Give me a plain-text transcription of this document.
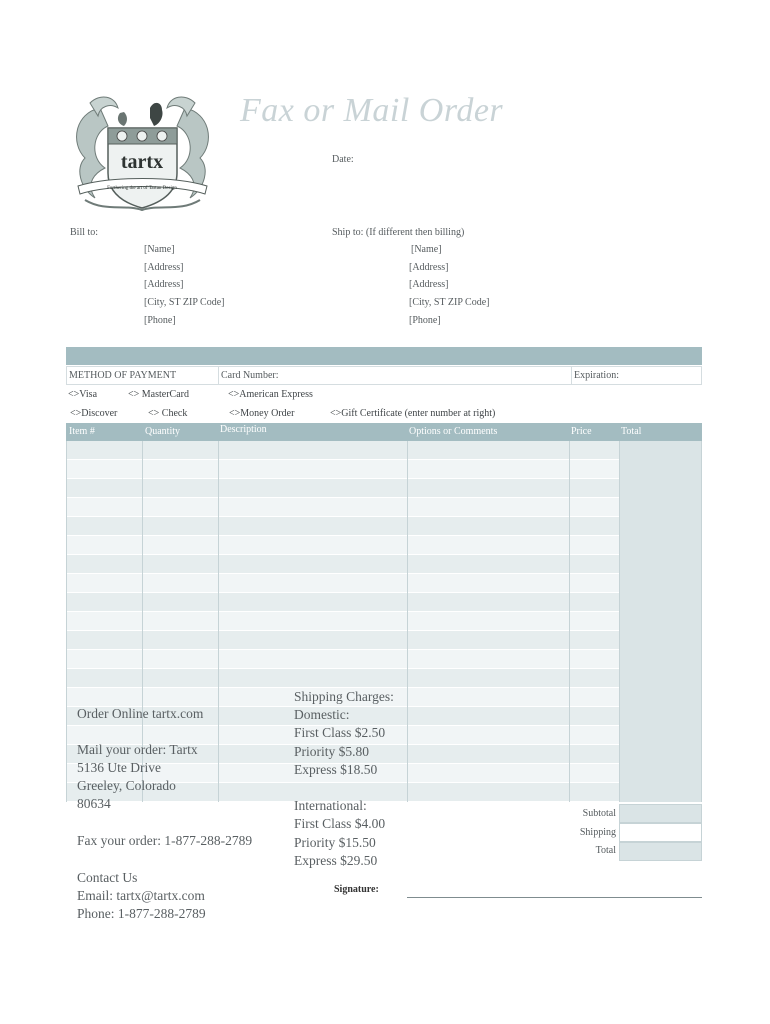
tartx
Furthering the art of Tartan Design
Fax or Mail Order
Date:
Bill to:
[Name]
[Address]
[Address]
[City, ST ZIP Code]
[Phone]
Ship to: (If different then billing)
[Name]
[Address]
[Address]
[City, ST ZIP Code]
[Phone]
METHOD OF PAYMENT	Card Number:	Expiration:
<>Visa	<> MasterCard	<>American Express
<>Discover	<> Check	<>Money Order	<>Gift Certificate (enter number at right)
Item #	Quantity	Description	Options or Comments	Price	Total
Order Online tartx.com
Mail your order: Tartx
5136 Ute Drive
Greeley, Colorado
80634
Fax your order: 1-877-288-2789
Contact Us
Email: tartx@tartx.com
Phone: 1-877-288-2789
Shipping Charges:
Domestic:
First Class $2.50
Priority $5.80
Express $18.50
International:
First Class $4.00
Priority $15.50
Express $29.50
Subtotal
Shipping
Total
Signature:
